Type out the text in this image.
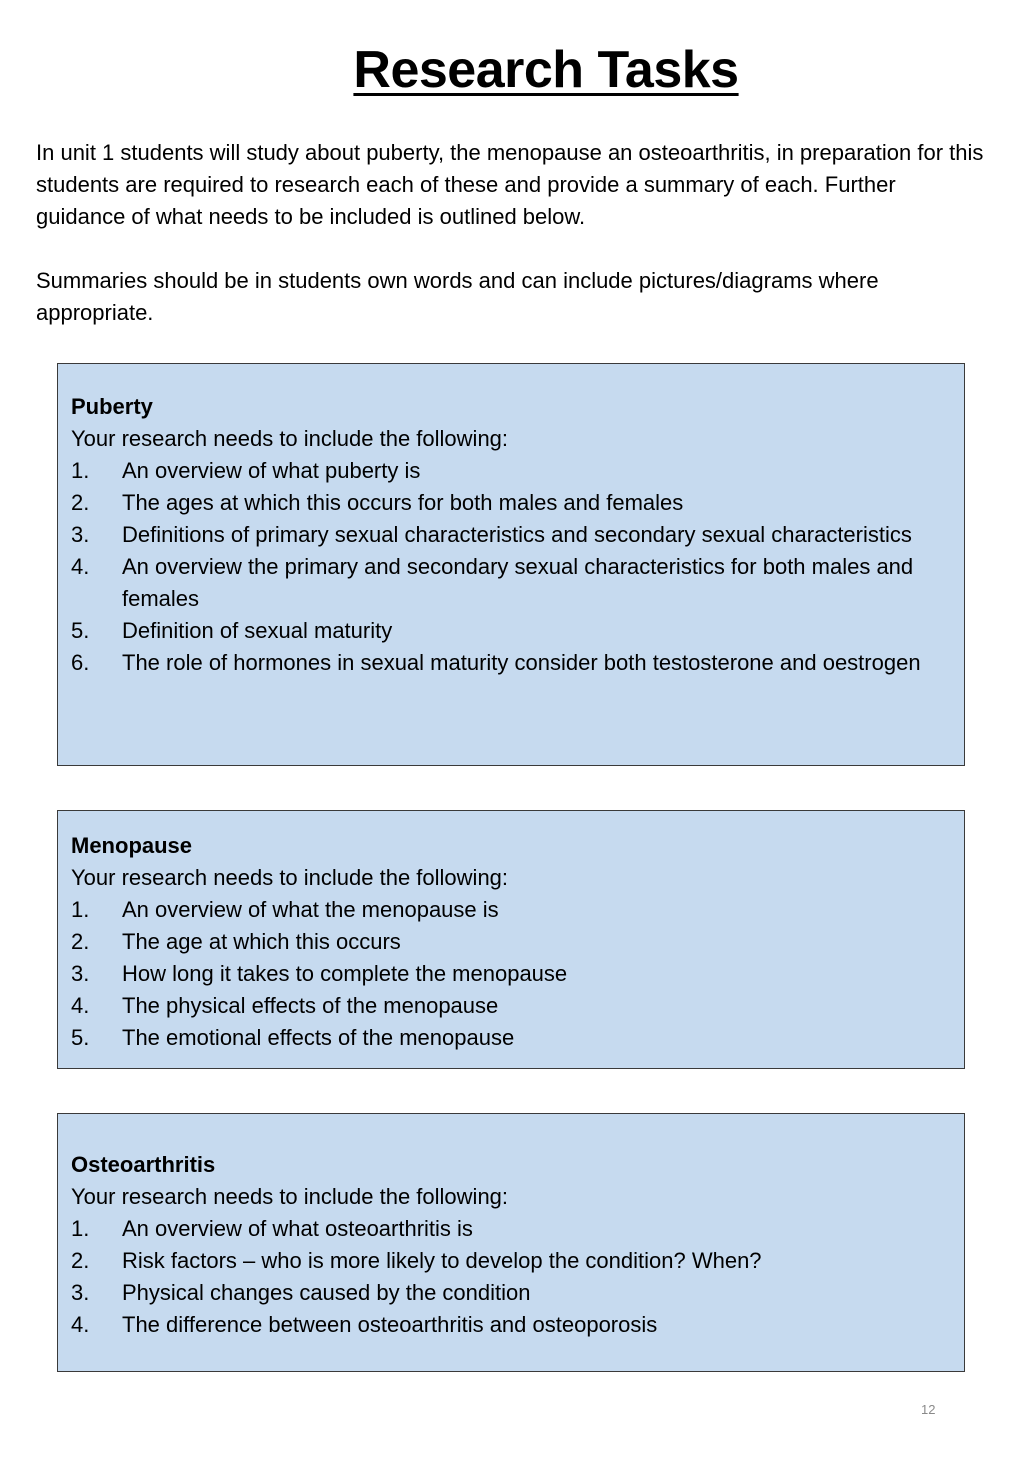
Research Tasks

In unit 1 students will study about puberty, the menopause an osteoarthritis, in preparation for this students are required to research each of these and provide a summary of each. Further guidance of what needs to be included is outlined below.

Summaries should be in students own words and can include pictures/diagrams where appropriate.

Puberty

Your research needs to include the following:

1.	An overview of what puberty is
2.	The ages at which this occurs for both males and females
3.	Definitions of primary sexual characteristics and secondary sexual characteristics
4.	An overview the primary and secondary sexual characteristics for both males and females
5.	Definition of sexual maturity
6.	The role of hormones in sexual maturity consider both testosterone and oestrogen

Menopause

Your research needs to include the following:

1.	An overview of what the menopause is
2.	The age at which this occurs
3.	How long it takes to complete the menopause
4.	The physical effects of the menopause
5.	The emotional effects of the menopause

Osteoarthritis

Your research needs to include the following:

1.	An overview of what osteoarthritis is
2.	Risk factors – who is more likely to develop the condition? When?
3.	Physical changes caused by the condition
4.	The difference between osteoarthritis and osteoporosis
12
